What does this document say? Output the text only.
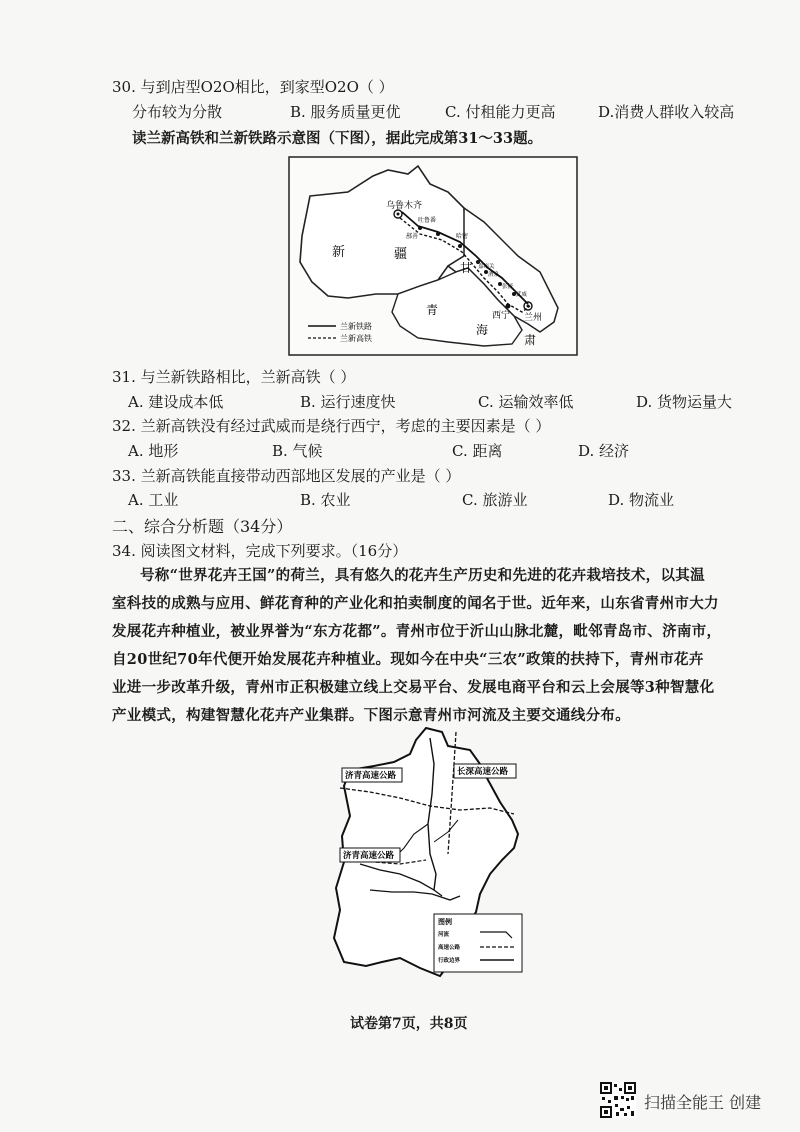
30. 与到店型O2O相比，到家型O2O（ ）
分布较为分散	B. 服务质量更优	C. 付租能力更高	D.消费人群收入较高
读兰新高铁和兰新铁路示意图（下图），据此完成第31～33题。
乌鲁木齐
吐鲁番
鄯善	哈密
新	疆
甘
青
海
肃
嘉峪关
酒泉
张掖
武威
西宁 兰州
兰新铁路
兰新高铁
31. 与兰新铁路相比，兰新高铁（ ）
A. 建设成本低	B. 运行速度快	C. 运输效率低	D. 货物运量大
32. 兰新高铁没有经过武威而是绕行西宁，考虑的主要因素是（ ）
A. 地形	B. 气候	C. 距离	D. 经济
33. 兰新高铁能直接带动西部地区发展的产业是（ ）
A. 工业	B. 农业	C. 旅游业	D. 物流业
二、综合分析题（34分）
34. 阅读图文材料，完成下列要求。（16分）

号称“世界花卉王国”的荷兰，具有悠久的花卉生产历史和先进的花卉栽培技术，以其温

室科技的成熟与应用、鲜花育种的产业化和拍卖制度的闻名于世。近年来，山东省青州市大力

发展花卉种植业，被业界誉为“东方花都”。青州市位于沂山山脉北麓，毗邻青岛市、济南市，

自20世纪70年代便开始发展花卉种植业。现如今在中央“三农”政策的扶持下，青州市花卉

业进一步改革升级，青州市正积极建立线上交易平台、发展电商平台和云上会展等3种智慧化

产业模式，构建智慧化花卉产业集群。下图示意青州市河流及主要交通线分布。

济青高速公路	长深高速公路
济青高速公路
图例
河流
高速公路
行政边界
试卷第7页，共8页
扫描全能王 创建
